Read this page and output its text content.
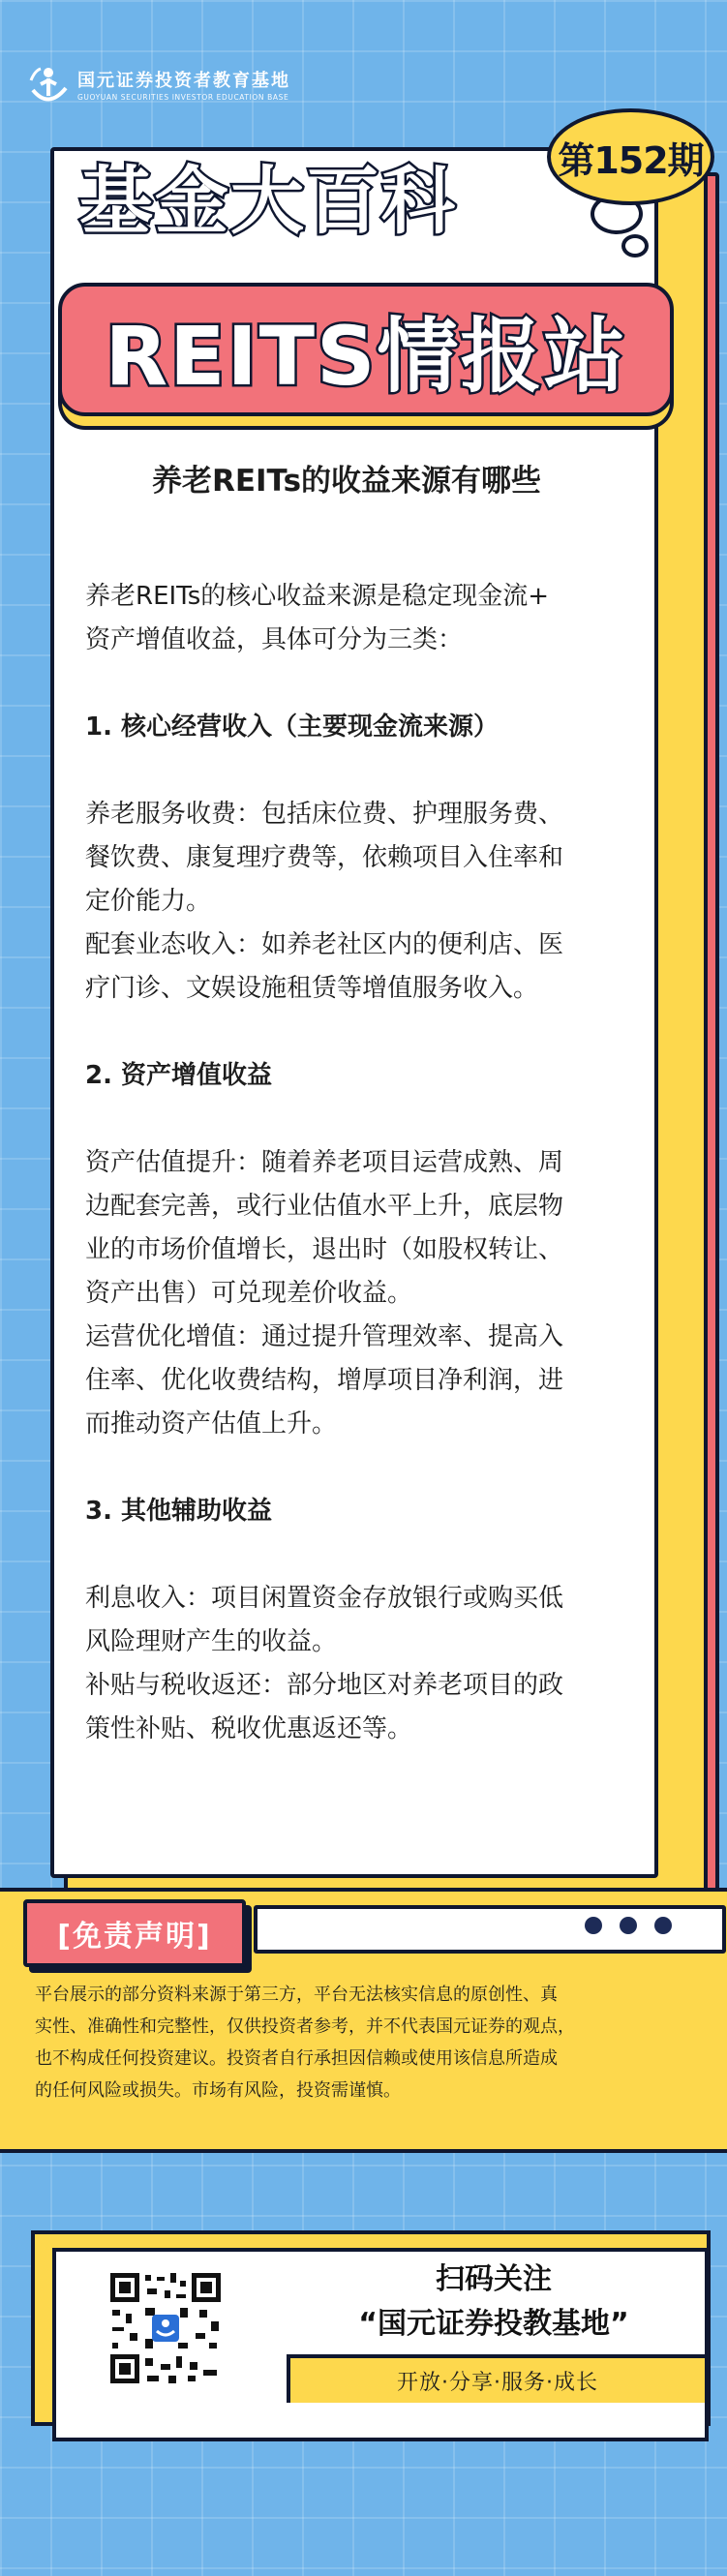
国元证券投资者教育基地
GUOYUAN SECURITIES INVESTOR EDUCATION BASE
基金大百科	第152期
REITS情报站
养老REITs的收益来源有哪些

养老REITs的核心收益来源是稳定现金流+

资产增值收益，具体可分为三类：

1. 核心经营收入（主要现金流来源）

养老服务收费：包括床位费、护理服务费、

餐饮费、康复理疗费等，依赖项目入住率和

定价能力。

配套业态收入：如养老社区内的便利店、医

疗门诊、文娱设施租赁等增值服务收入。

2. 资产增值收益

资产估值提升：随着养老项目运营成熟、周

边配套完善，或行业估值水平上升，底层物

业的市场价值增长，退出时（如股权转让、

资产出售）可兑现差价收益。

运营优化增值：通过提升管理效率、提高入

住率、优化收费结构，增厚项目净利润，进

而推动资产估值上升。

3. 其他辅助收益

利息收入：项目闲置资金存放银行或购买低

风险理财产生的收益。

补贴与税收返还：部分地区对养老项目的政

策性补贴、税收优惠返还等。

[免责声明]
平台展示的部分资料来源于第三方，平台无法核实信息的原创性、真
实性、准确性和完整性，仅供投资者参考，并不代表国元证券的观点，
也不构成任何投资建议。投资者自行承担因信赖或使用该信息所造成
的任何风险或损失。市场有风险，投资需谨慎。
扫码关注
“国元证券投教基地”
开放·分享·服务·成长
